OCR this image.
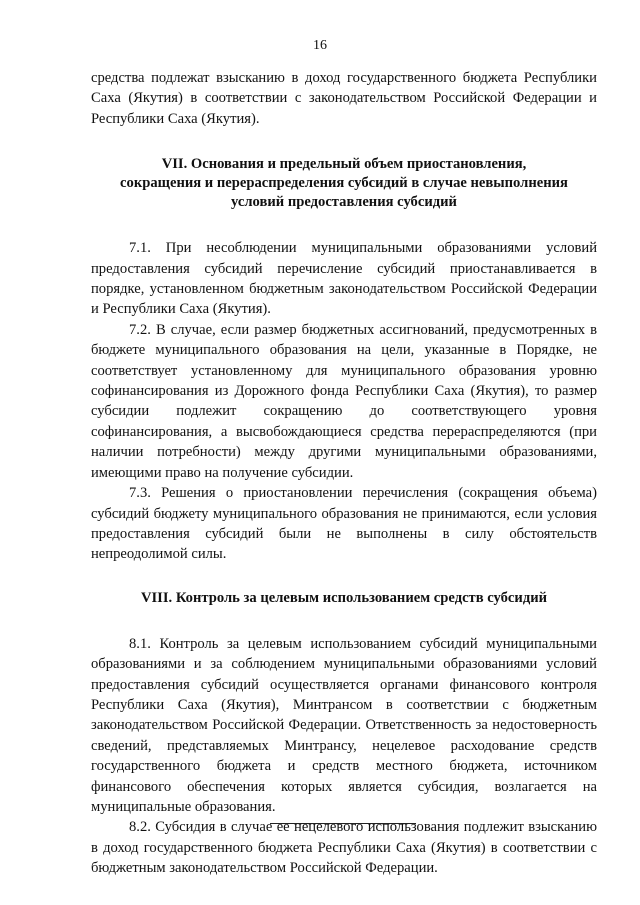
16

средства подлежат взысканию в доход государственного бюджета Республики Саха (Якутия) в соответствии с законодательством Российской Федерации и Республики Саха (Якутия).

VII. Основания и предельный объем приостановления,
сокращения и перераспределения субсидий в случае невыполнения
условий предоставления субсидий

7.1. При несоблюдении муниципальными образованиями условий предоставления субсидий перечисление субсидий приостанавливается в порядке, установленном бюджетным законодательством Российской Федерации и Республики Саха (Якутия).

7.2. В случае, если размер бюджетных ассигнований, предусмотренных в бюджете муниципального образования на цели, указанные в Порядке, не соответствует установленному для муниципального образования уровню софинансирования из Дорожного фонда Республики Саха (Якутия), то размер субсидии подлежит сокращению до соответствующего уровня софинансирования, а высвобождающиеся средства перераспределяются (при наличии потребности) между другими муниципальными образованиями, имеющими право на получение субсидии.

7.3. Решения о приостановлении перечисления (сокращения объема) субсидий бюджету муниципального образования не принимаются, если условия предоставления субсидий были не выполнены в силу обстоятельств непреодолимой силы.

VIII. Контроль за целевым использованием средств субсидий

8.1. Контроль за целевым использованием субсидий муниципальными образованиями и за соблюдением муниципальными образованиями условий предоставления субсидий осуществляется органами финансового контроля Республики Саха (Якутия), Минтрансом в соответствии с бюджетным законодательством Российской Федерации. Ответственность за недостоверность сведений, представляемых Минтрансу, нецелевое расходование средств государственного бюджета и средств местного бюджета, источником финансового обеспечения которых является субсидия, возлагается на муниципальные образования.

8.2. Субсидия в случае ее нецелевого использования подлежит взысканию в доход государственного бюджета Республики Саха (Якутия) в соответствии с бюджетным законодательством Российской Федерации.
